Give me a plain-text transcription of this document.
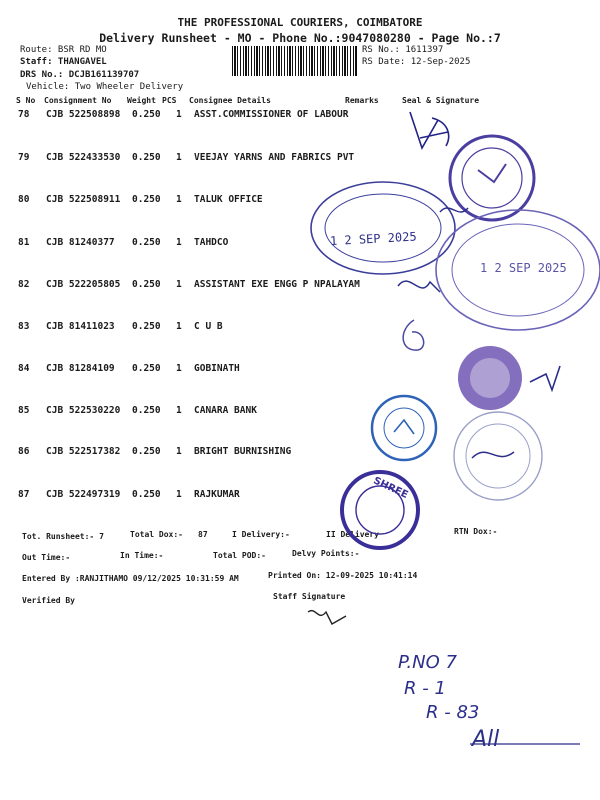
THE PROFESSIONAL COURIERS, COIMBATORE
Delivery Runsheet - MO - Phone No.:9047080280 - Page No.:7
Route: BSR RD MO
Staff: THANGAVEL
DRS No.: DCJB161139707
Vehicle: Two Wheeler Delivery
RS No.: 1611397
RS Date: 12-Sep-2025
S No Consignment No Weight PCS Consignee Details	Remarks	Seal & Signature
78 CJB 522508898 0.250 1 ASST.COMMISSIONER OF LABOUR
79 CJB 522433530 0.250 1 VEEJAY YARNS AND FABRICS PVT
80 CJB 522508911 0.250 1 TALUK OFFICE
81 CJB 81240377 0.250 1 TAHDCO
82 CJB 522205805 0.250 1 ASSISTANT EXE ENGG P NPALAYAM
83 CJB 81411023 0.250 1 C U B
84 CJB 81284109 0.250 1 GOBINATH
85 CJB 522530220 0.250 1 CANARA BANK
86 CJB 522517382 0.250 1 BRIGHT BURNISHING
87 CJB 522497319 0.250 1 RAJKUMAR
Tot. Runsheet:- 7	Total Dox:- 87	I Delivery:-	II Delivery	RTN Dox:-
Out Time:-	In Time:-	Total POD:-	Delvy Points:-
Entered By :RANJITHAMO 09/12/2025 10:31:59 AM	Printed On: 12-09-2025 10:41:14
Verified By	Staff Signature
1 2 SEP 2025
1 2 SEP 2025
SHREE
P.NO 7
R - 1
R - 83
All
